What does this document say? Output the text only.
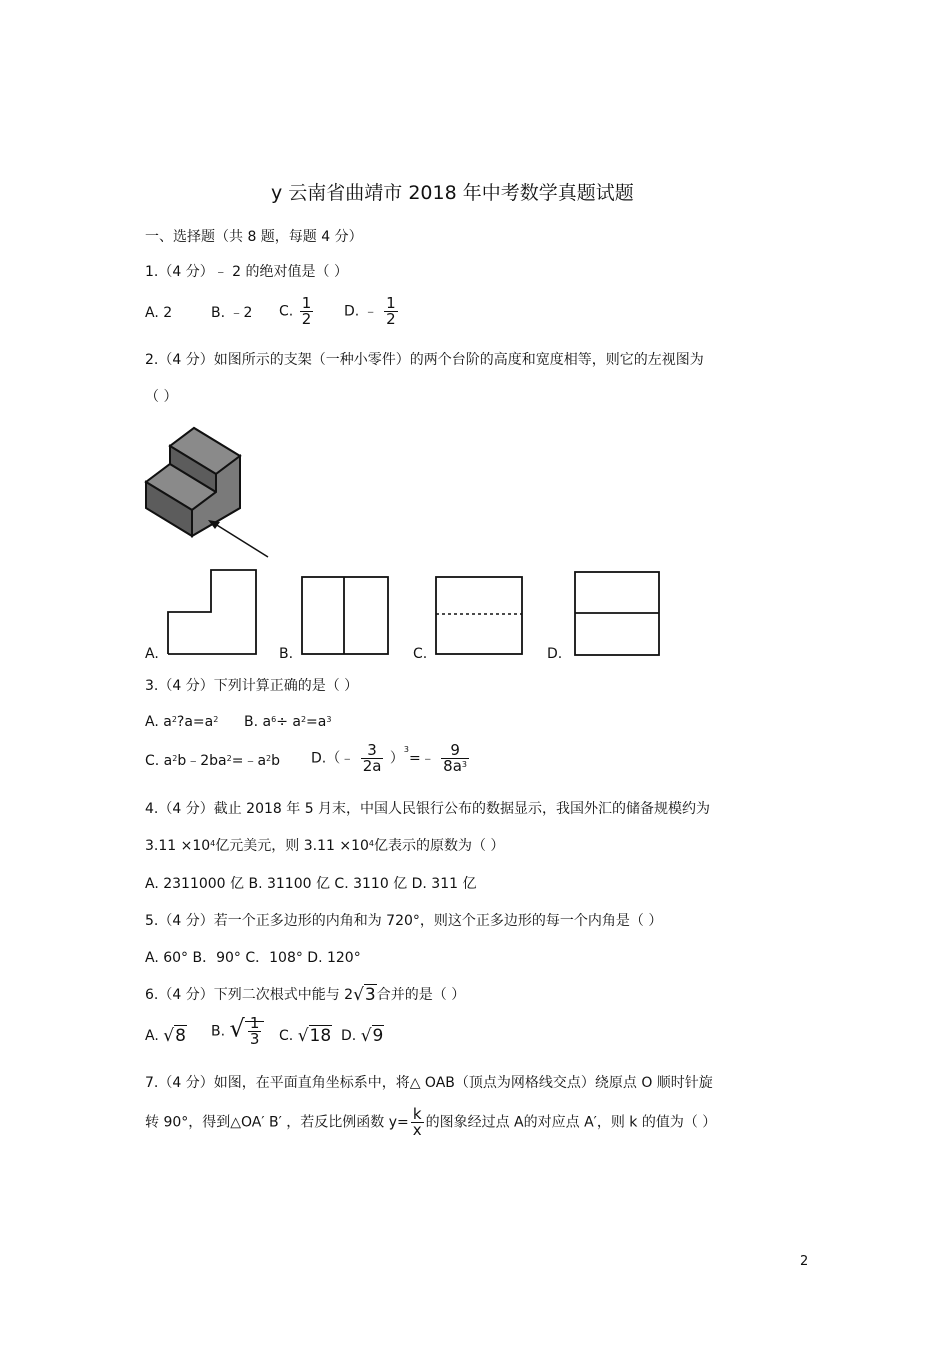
y 云南省曲靖市 2018 年中考数学真题试题
一、选择题（共 8 题，每题 4 分）
1.（4 分）﹣ 2 的绝对值是（ ）
A. 2	B. ﹣2 C. $\frac{1}{2} D$. ﹣ $\frac{1}{2}$
2.（4 分）如图所示的支架（一种小零件）的两个台阶的高度和宽度相等，则它的左视图为
（ ）
A.	B.	C.	D.
3.（4 分）下列计算正确的是（ ）
A. $a^2?a=a^2$ B. $a^6\div a^2=a^3$
C. $a^2b﹣2ba^2=﹣a^2b$ D.（﹣ $\frac{3}{2a}$ ）$^3$=﹣ $\frac{9}{8a^3}$
4.（4 分）截止 2018 年 5 月末，中国人民银行公布的数据显示，我国外汇的储备规模约为
$3.11 \times 10^4$亿元美元，则 $3.11 \times 10^4$亿表示的原数为（ ）
A. 2311000 亿 B. 31100 亿 C. 3110 亿 D. 311 亿
5.（4 分）若一个正多边形的内角和为 720°，则这个正多边形的每一个内角是（ ）
A. 60° B．90° C．108° D. 120°
6.（4 分）下列二次根式中能与 2√3合并的是（ ）
A. √8 B. √ $\frac{1}{3} C$. √18 D. √9
7.（4 分）如图，在平面直角坐标系中，将△ OAB（顶点为网格线交点）绕原点 O 顺时针旋
转 90°，得到△OA′ B′ ，若反比例函数 $y= \frac{k}{x}$ 的图象经过点 A的对应点 A′，则 k 的值为（ ）
2
